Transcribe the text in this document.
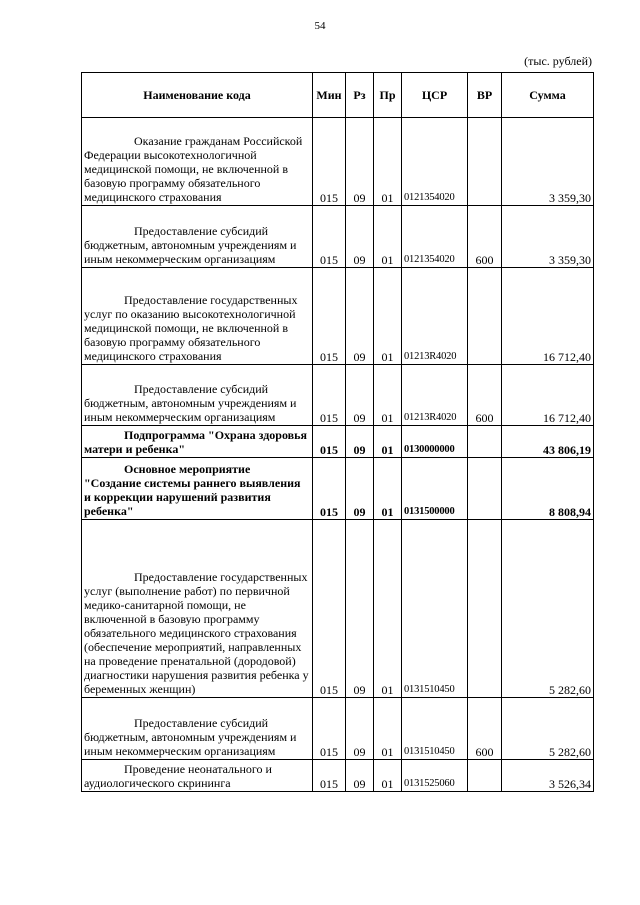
54
(тыс. рублей)
Наименование кода	Мин	Рз	Пр	ЦСР	ВР	Сумма
Оказание гражданам Российской Федерации высокотехнологичной медицинской помощи, не включенной в базовую программу обязательного медицинского страхования	015	09	01	0121354020		3 359,30
Предоставление субсидий бюджетным, автономным учреждениям и иным некоммерческим организациям	015	09	01	0121354020	600	3 359,30
Предоставление государственных услуг по оказанию высокотехнологичной медицинской помощи, не включенной в базовую программу обязательного медицинского страхования	015	09	01	01213R4020		16 712,40
Предоставление субсидий бюджетным, автономным учреждениям и иным некоммерческим организациям	015	09	01	01213R4020	600	16 712,40
Подпрограмма "Охрана здоровья матери и ребенка"	015	09	01	0130000000		43 806,19
Основное мероприятие "Создание системы раннего выявления и коррекции нарушений развития ребенка"	015	09	01	0131500000		8 808,94
Предоставление государственных услуг (выполнение работ) по первичной медико-санитарной помощи, не включенной в базовую программу обязательного медицинского страхования (обеспечение мероприятий, направленных на проведение пренатальной (дородовой) диагностики нарушения развития ребенка у беременных женщин)	015	09	01	0131510450		5 282,60
Предоставление субсидий бюджетным, автономным учреждениям и иным некоммерческим организациям	015	09	01	0131510450	600	5 282,60
Проведение неонатального и аудиологического скрининга	015	09	01	0131525060		3 526,34
